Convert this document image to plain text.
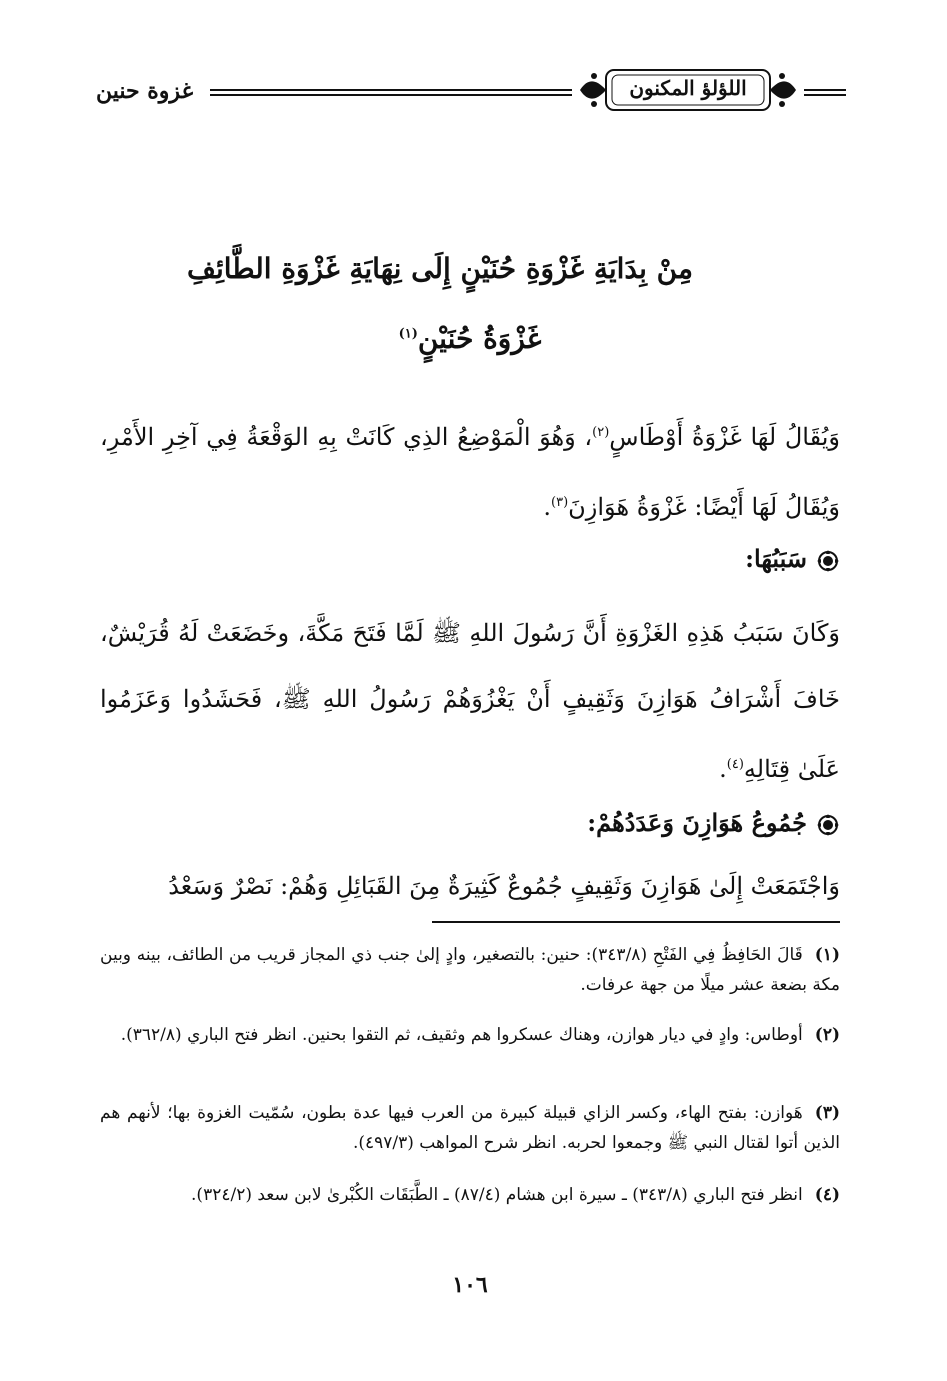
غزوة حنين	اللؤلؤ المكنون
مِنْ بِدَايَةِ غَزْوَةِ حُنَيْنٍ إِلَى نِهَايَةِ غَزْوَةِ الطَّائِفِ
غَزْوَةُ حُنَيْنٍ$^{(١)}$
وَيُقَالُ لَهَا غَزْوَةُ أَوْطَاسٍ$^{(٢)}$، وَهُوَ الْمَوْضِعُ الذِي كَانَتْ بِهِ الوَقْعَةُ فِي آخِرِ الأَمْرِ، وَيُقَالُ لَهَا أَيْضًا: غَزْوَةُ هَوَازِنَ$^{(٣)}$.
سَبَبُهَا:
وَكَانَ سَبَبُ هَذِهِ الغَزْوَةِ أَنَّ رَسُولَ اللهِ ﷺ لَمَّا فَتَحَ مَكَّةَ، وخَضَعَتْ لَهُ قُرَيْشٌ، خَافَ أَشْرَافُ هَوَازِنَ وَثَقِيفٍ أَنْ يَغْزُوَهُمْ رَسُولُ اللهِ ﷺ، فَحَشَدُوا وَعَزَمُوا عَلَىٰ قِتَالِهِ$^{(٤)}$.
جُمُوعُ هَوَازِنَ وَعَدَدُهُمْ:
وَاجْتَمَعَتْ إِلَىٰ هَوَازِنَ وَثَقِيفٍ جُمُوعٌ كَثِيرَةٌ مِنَ القَبَائِلِ وَهُمْ: نَصْرٌ وَسَعْدُ
(١)قَالَ الحَافِظُ فِي الفَتْحِ (٣٤٣/٨): حنين: بالتصغير، وادٍ إلىٰ جنب ذي المجاز قريب من الطائف، بينه وبين مكة بضعة عشر ميلًا من جهة عرفات.
(٢)أوطاس: وادٍ في ديار هوازن، وهناك عسكروا هم وثقيف، ثم التقوا بحنين. انظر فتح الباري (٣٦٢/٨).
(٣)هَوازن: بفتح الهاء، وكسر الزاي قبيلة كبيرة من العرب فيها عدة بطون، سُمّيت الغزوة بها؛ لأنهم هم الذين أتوا لقتال النبي ﷺ وجمعوا لحربه. انظر شرح المواهب (٤٩٧/٣).
(٤)انظر فتح الباري (٣٤٣/٨) ـ سيرة ابن هشام (٨٧/٤) ـ الطَّبَقَات الكُبْرىٰ لابن سعد (٣٢٤/٢).
١٠٦
